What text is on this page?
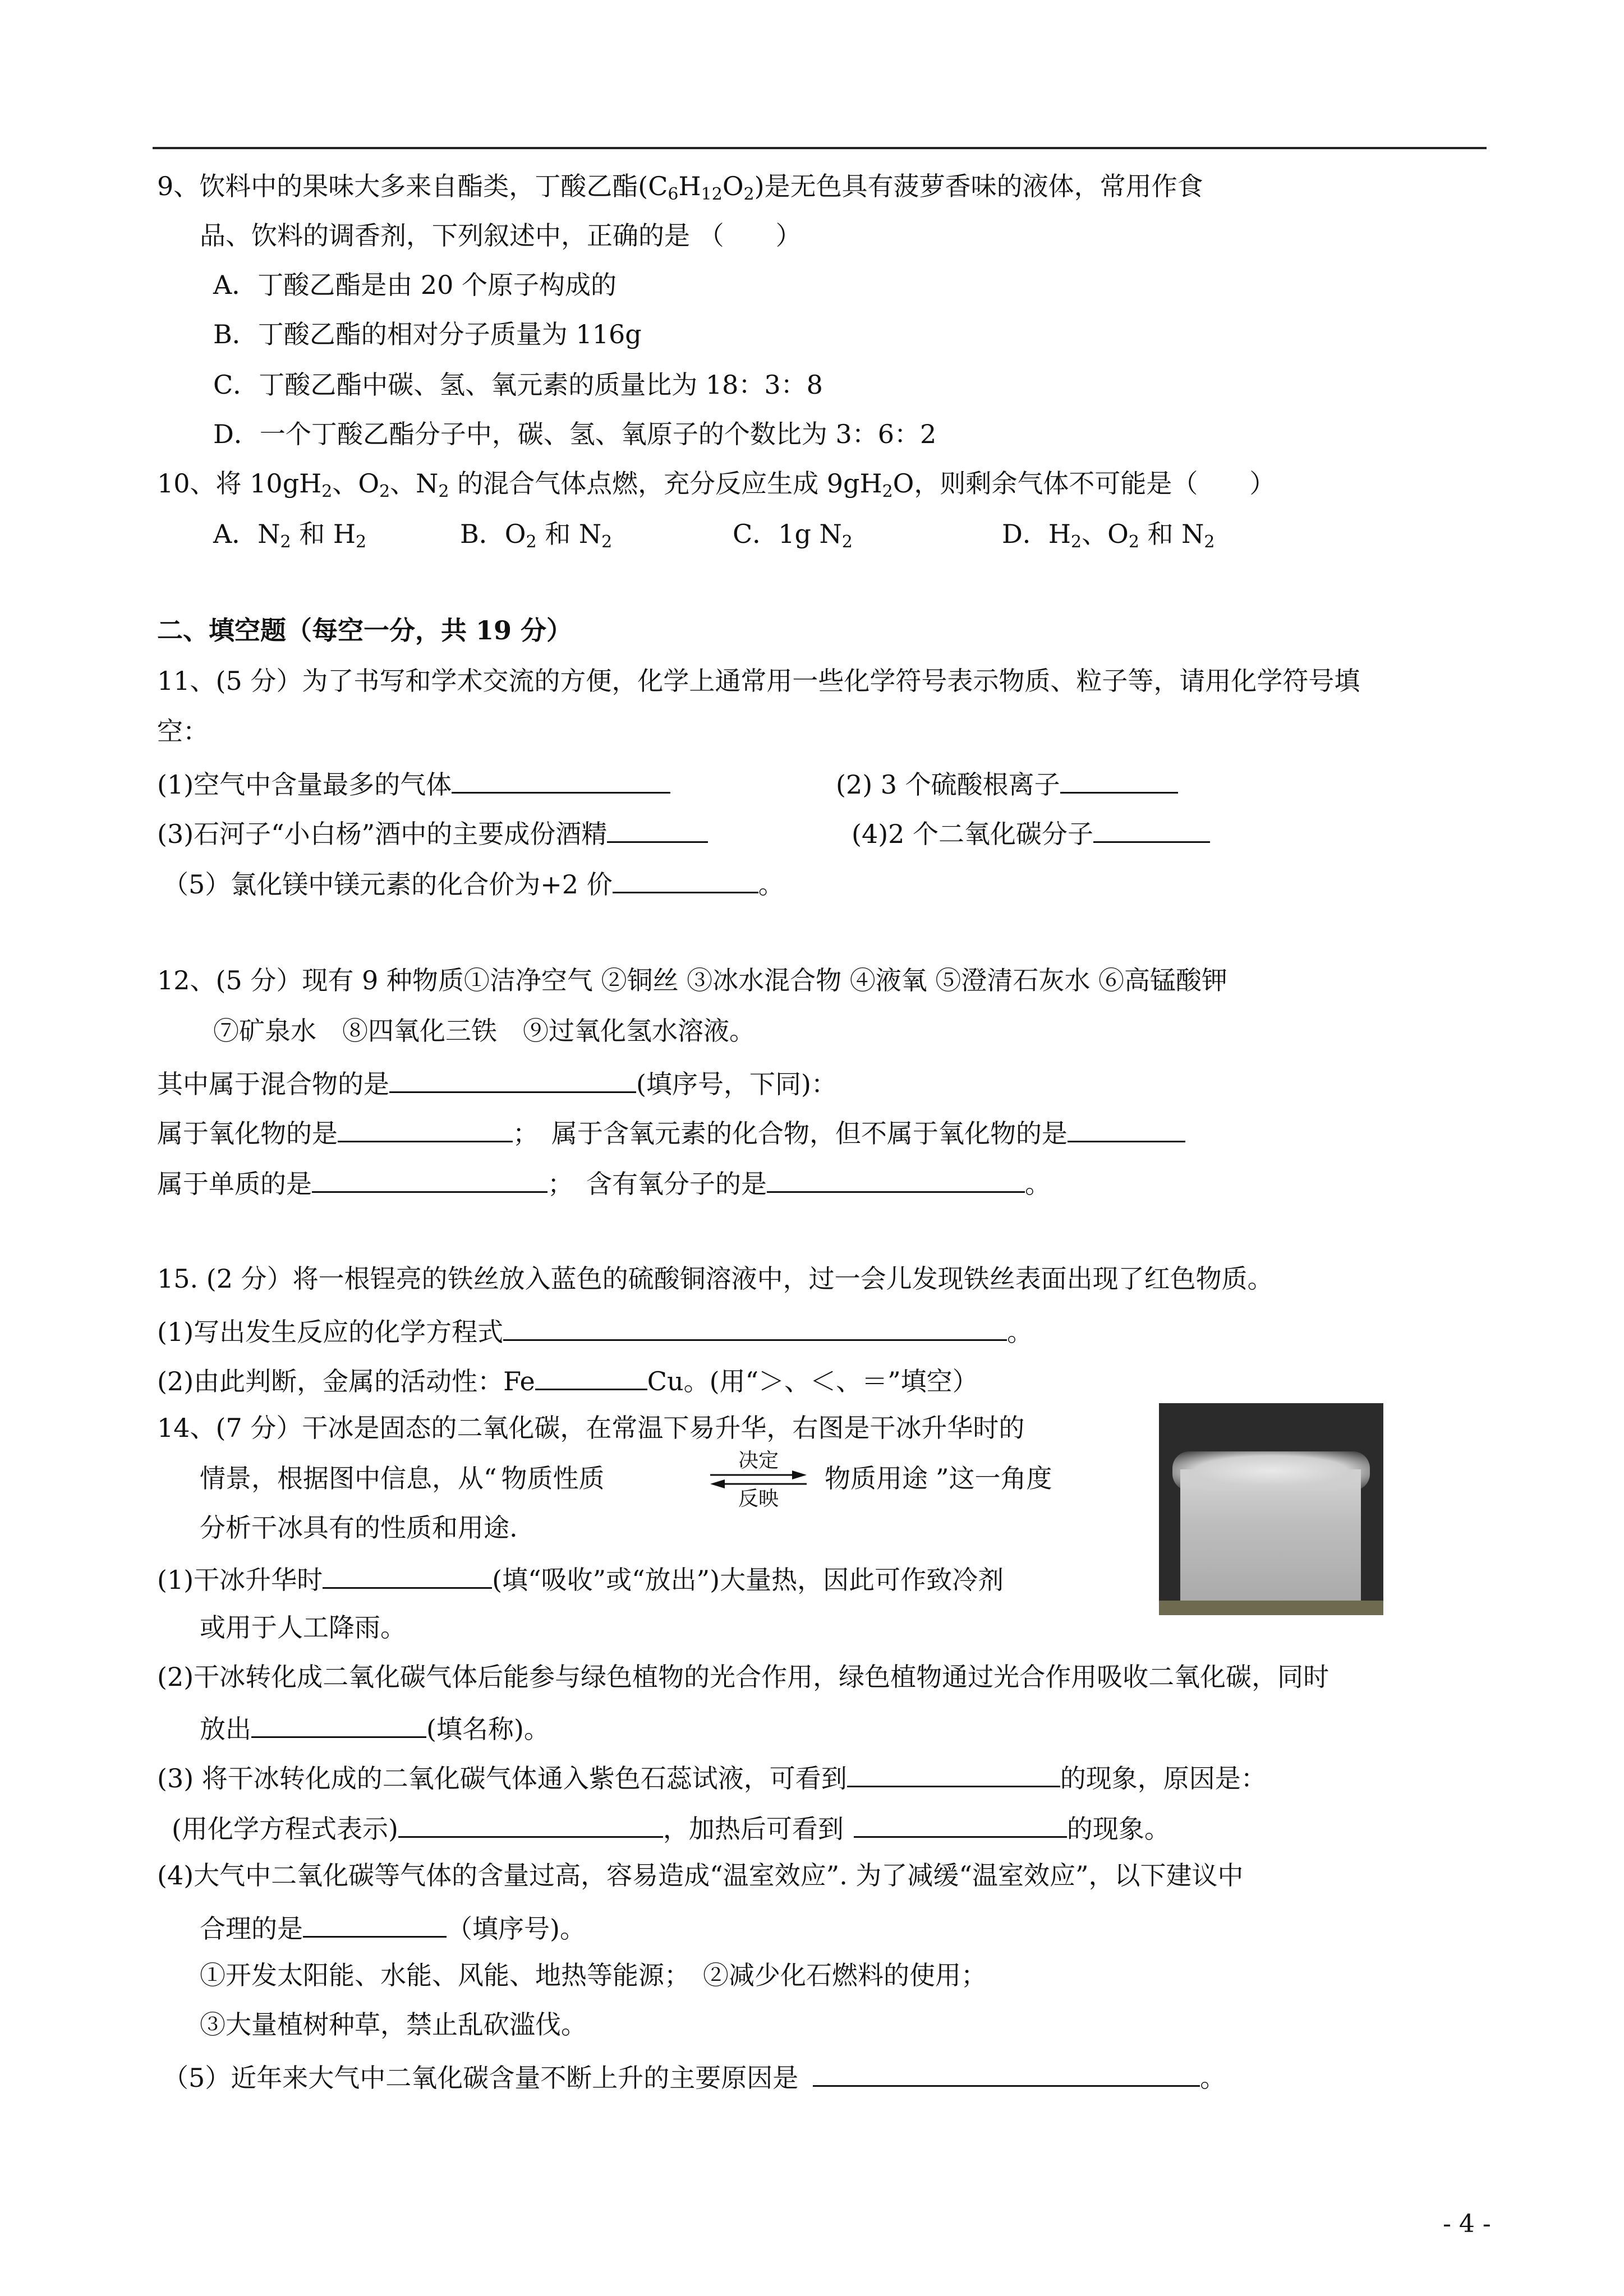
9、饮料中的果味大多来自酯类，丁酸乙酯$(C_6H_{12}O_2)$是无色具有菠萝香味的液体，常用作食
品、饮料的调香剂，下列叙述中，正确的是 （　　）
A．丁酸乙酯是由 20 个原子构成的
B．丁酸乙酯的相对分子质量为 116g
C．丁酸乙酯中碳、氢、氧元素的质量比为 18：3：8
D．一个丁酸乙酯分子中，碳、氢、氧原子的个数比为 3：6：2
10、将 $10gH_2$、$O_2$、$N_2$ 的混合气体点燃，充分反应生成 $9gH_2O$，则剩余气体不可能是（　　）
A．$N_2$ 和 $H_2$	B．$O_2$ 和 $N_2$	C．1g $N_2$	D．$H_2$、$O_2$ 和 $N_2$
二、填空题（每空一分，共 19 分）
11、(5 分）为了书写和学术交流的方便，化学上通常用一些化学符号表示物质、粒子等，请用化学符号填
空：
(1)空气中含量最多的气体	(2) 3 个硫酸根离子
(3)石河子“小白杨”酒中的主要成份酒精	(4)2 个二氧化碳分子
（5）氯化镁中镁元素的化合价为+2 价	。
12、(5 分）现有 9 种物质①洁净空气 ②铜丝 ③冰水混合物 ④液氧 ⑤澄清石灰水 ⑥高锰酸钾
⑦矿泉水　⑧四氧化三铁　⑨过氧化氢水溶液。
其中属于混合物的是	(填序号，下同)：
属于氧化物的是	；　属于含氧元素的化合物，但不属于氧化物的是
属于单质的是	；　含有氧分子的是	。
15. (2 分）将一根锃亮的铁丝放入蓝色的硫酸铜溶液中，过一会儿发现铁丝表面出现了红色物质。
(1)写出发生反应的化学方程式	。
(2)由此判断，金属的活动性：Fe	Cu。(用“＞、＜、＝”填空）
14、(7 分）干冰是固态的二氧化碳，在常温下易升华，右图是干冰升华时的
情景，根据图中信息，从“ 物质性质
决定
反映
物质用途 ”这一角度
分析干冰具有的性质和用途.
(1)干冰升华时	(填“吸收”或“放出”)大量热，因此可作致冷剂
或用于人工降雨。
(2)干冰转化成二氧化碳气体后能参与绿色植物的光合作用，绿色植物通过光合作用吸收二氧化碳，同时
放出	(填名称)。
(3) 将干冰转化成的二氧化碳气体通入紫色石蕊试液，可看到	的现象，原因是：
(用化学方程式表示)	，加热后可看到	的现象。
(4)大气中二氧化碳等气体的含量过高，容易造成“温室效应”. 为了减缓“温室效应”，以下建议中
合理的是	（填序号)。
①开发太阳能、水能、风能、地热等能源；　②减少化石燃料的使用；
③大量植树种草，禁止乱砍滥伐。
（5）近年来大气中二氧化碳含量不断上升的主要原因是	。
- 4 -
